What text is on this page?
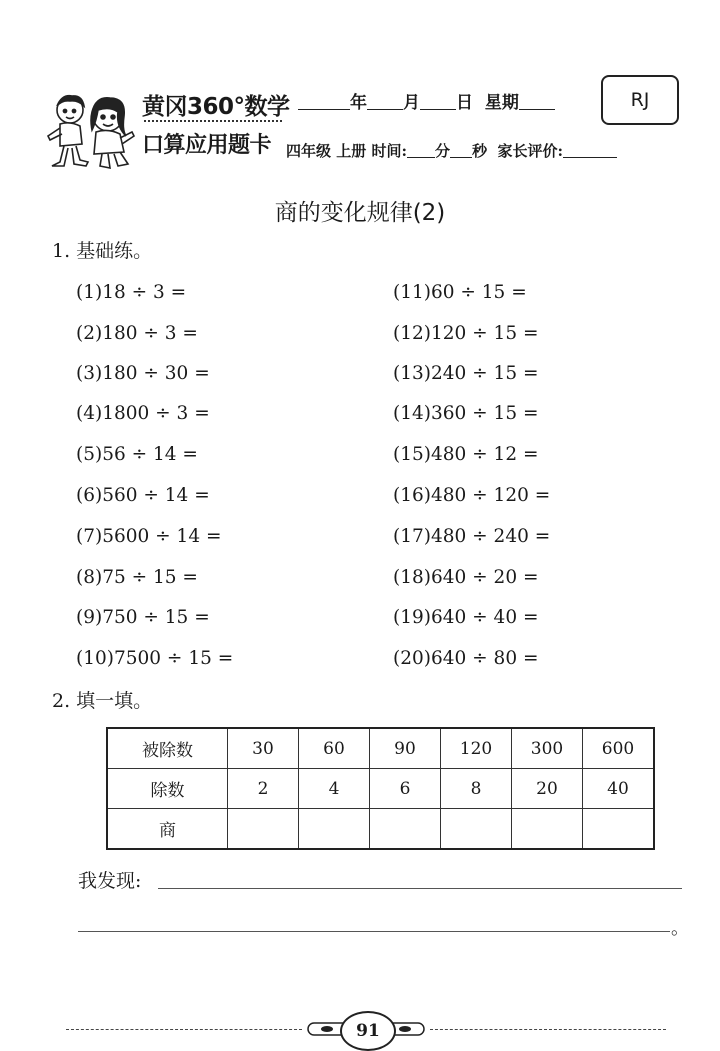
黄冈360°数学
口算应用题卡
年 月 日 星期	RJ
四年级 上册 时间: 分 秒 家长评价:
商的变化规律(2)
1. 基础练。
(1)18 ÷ 3 =
(2)180 ÷ 3 =
(3)180 ÷ 30 =
(4)1800 ÷ 3 =
(5)56 ÷ 14 =
(6)560 ÷ 14 =
(7)5600 ÷ 14 =
(8)75 ÷ 15 =
(9)750 ÷ 15 =
(10)7500 ÷ 15 =
(11)60 ÷ 15 =
(12)120 ÷ 15 =
(13)240 ÷ 15 =
(14)360 ÷ 15 =
(15)480 ÷ 12 =
(16)480 ÷ 120 =
(17)480 ÷ 240 =
(18)640 ÷ 20 =
(19)640 ÷ 40 =
(20)640 ÷ 80 =
2. 填一填。
被除数	30	60	90	120	300	600
除数	2	4	6	8	20	40
商						
我发现:
。
91
